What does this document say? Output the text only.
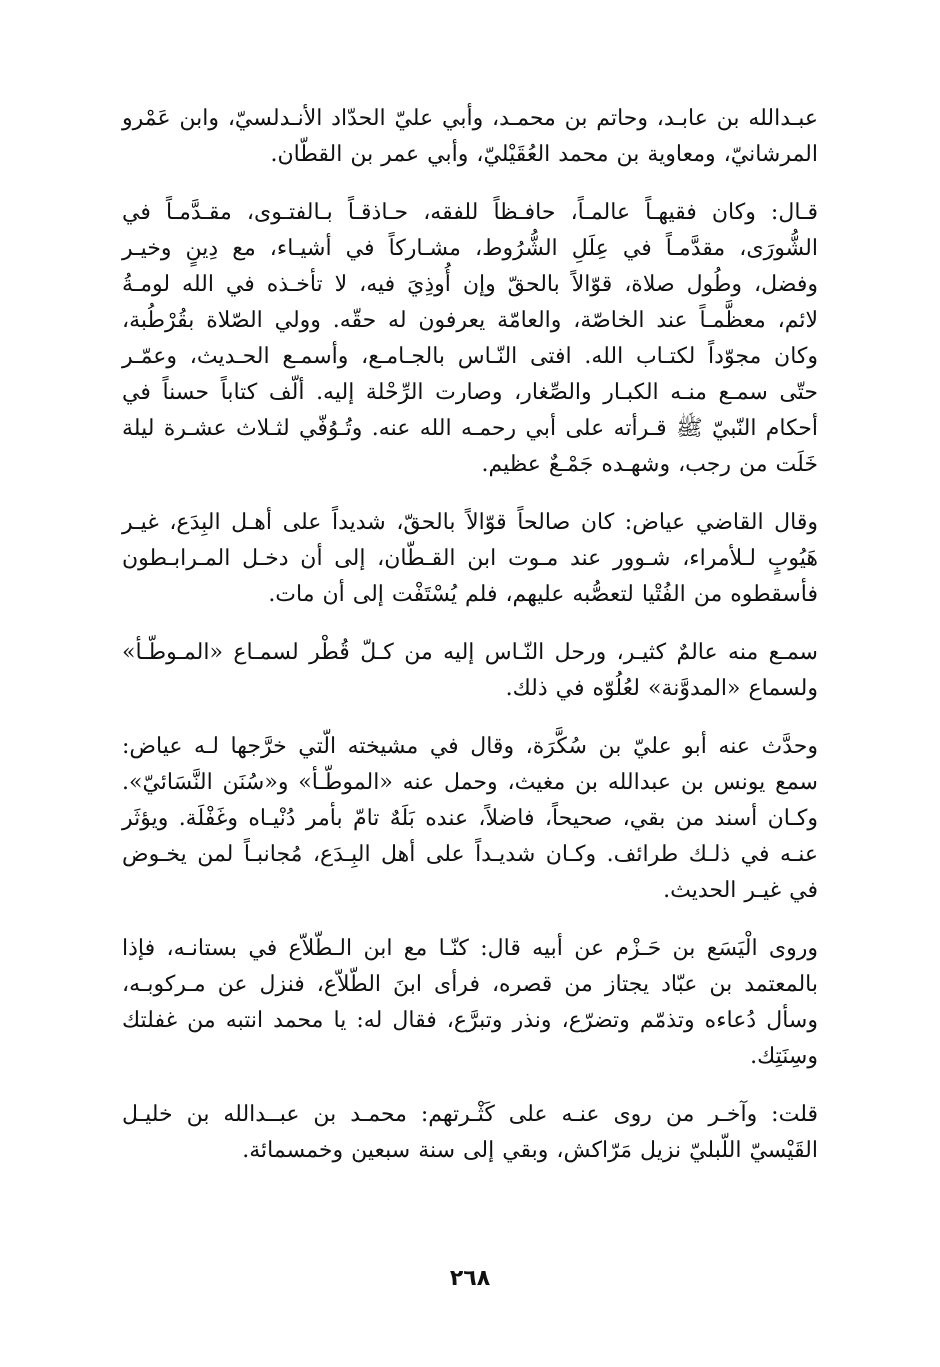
عبـدالله بن عابـد، وحاتم بن محمـد، وأبي عليّ الحدّاد الأنـدلسيّ، وابن عَمْرو المرشانيّ، ومعاوية بن محمد العُقَيْليّ، وأبي عمر بن القطّان.

قـال: وكان فقيهـاً عالمـاً، حافـظاً للفقه، حـاذقـاً بـالفتـوى، مقـدَّمـاً في الشُّورَى، مقدَّمـاً في عِلَلِ الشُّرُوط، مشـاركاً في أشيـاء، مع دِينٍ وخيـر وفضل، وطُول صلاة، قوّالاً بالحقّ وإن أُوذِيَ فيه، لا تأخـذه في الله لومـةُ لائم، معظَّمـاً عند الخاصّة، والعامّة يعرفون له حقّه. وولي الصّلاة بقُرْطُبة، وكان مجوّداً لكتـاب الله. افتى النّـاس بالجـامـع، وأسمـع الحـديث، وعمّـر حتّى سمـع منـه الكبـار والصِّغار، وصارت الرِّحْلة إليه. ألّف كتاباً حسناً في أحكام النّبيّ ﷺ قـرأته على أبي رحمـه الله عنه. وتُـوُفّي لثـلاث عشـرة ليلة خَلَت من رجب، وشهـده جَمْـعٌ عظيم.

وقال القاضي عياض: كان صالحاً قوّالاً بالحقّ، شديداً على أهـل البِدَع، غيـر هَيُوبٍ لـلأمراء، شـوور عند مـوت ابن القـطّان، إلى أن دخـل المـرابـطون فأسقطوه من الفُتْيا لتعصُّبه عليهم، فلم يُسْتَفْت إلى أن مات.

سمـع منه عالمٌ كثيـر، ورحل النّـاس إليه من كـلّ قُطْر لسمـاع «المـوطّـأ» ولسماع «المدوَّنة» لعُلُوّه في ذلك.

وحدَّث عنه أبو عليّ بن سُكَّرَة، وقال في مشيخته الّتي خرَّجها لـه عياض: سمع يونس بن عبدالله بن مغيث، وحمل عنه «الموطّـأ» و«سُنَن النَّسَائيّ». وكـان أسند من بقي، صحيحاً، فاضلاً، عنده بَلَهٌ تامّ بأمر دُنْيـاه وغَفْلَة. ويؤثَر عنـه في ذلـك طرائف. وكـان شديـداً على أهل البِـدَع، مُجانبـاً لمن يخـوض في غيـر الحديث.

وروى الْيَسَع بن حَـزْم عن أبيه قال: كنّـا مع ابن الـطّلاّع في بستانـه، فإذا بالمعتمد بن عبّاد يجتاز من قصره، فرأى ابنَ الطّلاّع، فنزل عن مـركوبـه، وسأل دُعاءه وتذمّم وتضرّع، ونذر وتبرَّع، فقال له: يا محمد انتبه من غفلتك وسِنَتِك.

قلت: وآخـر من روى عنـه على كَثْـرتهم: محمـد بن عبــدالله بن خليـل القَيْسيّ اللّبليّ نزيل مَرّاكش، وبقي إلى سنة سبعين وخمسمائة.

٢٦٨
